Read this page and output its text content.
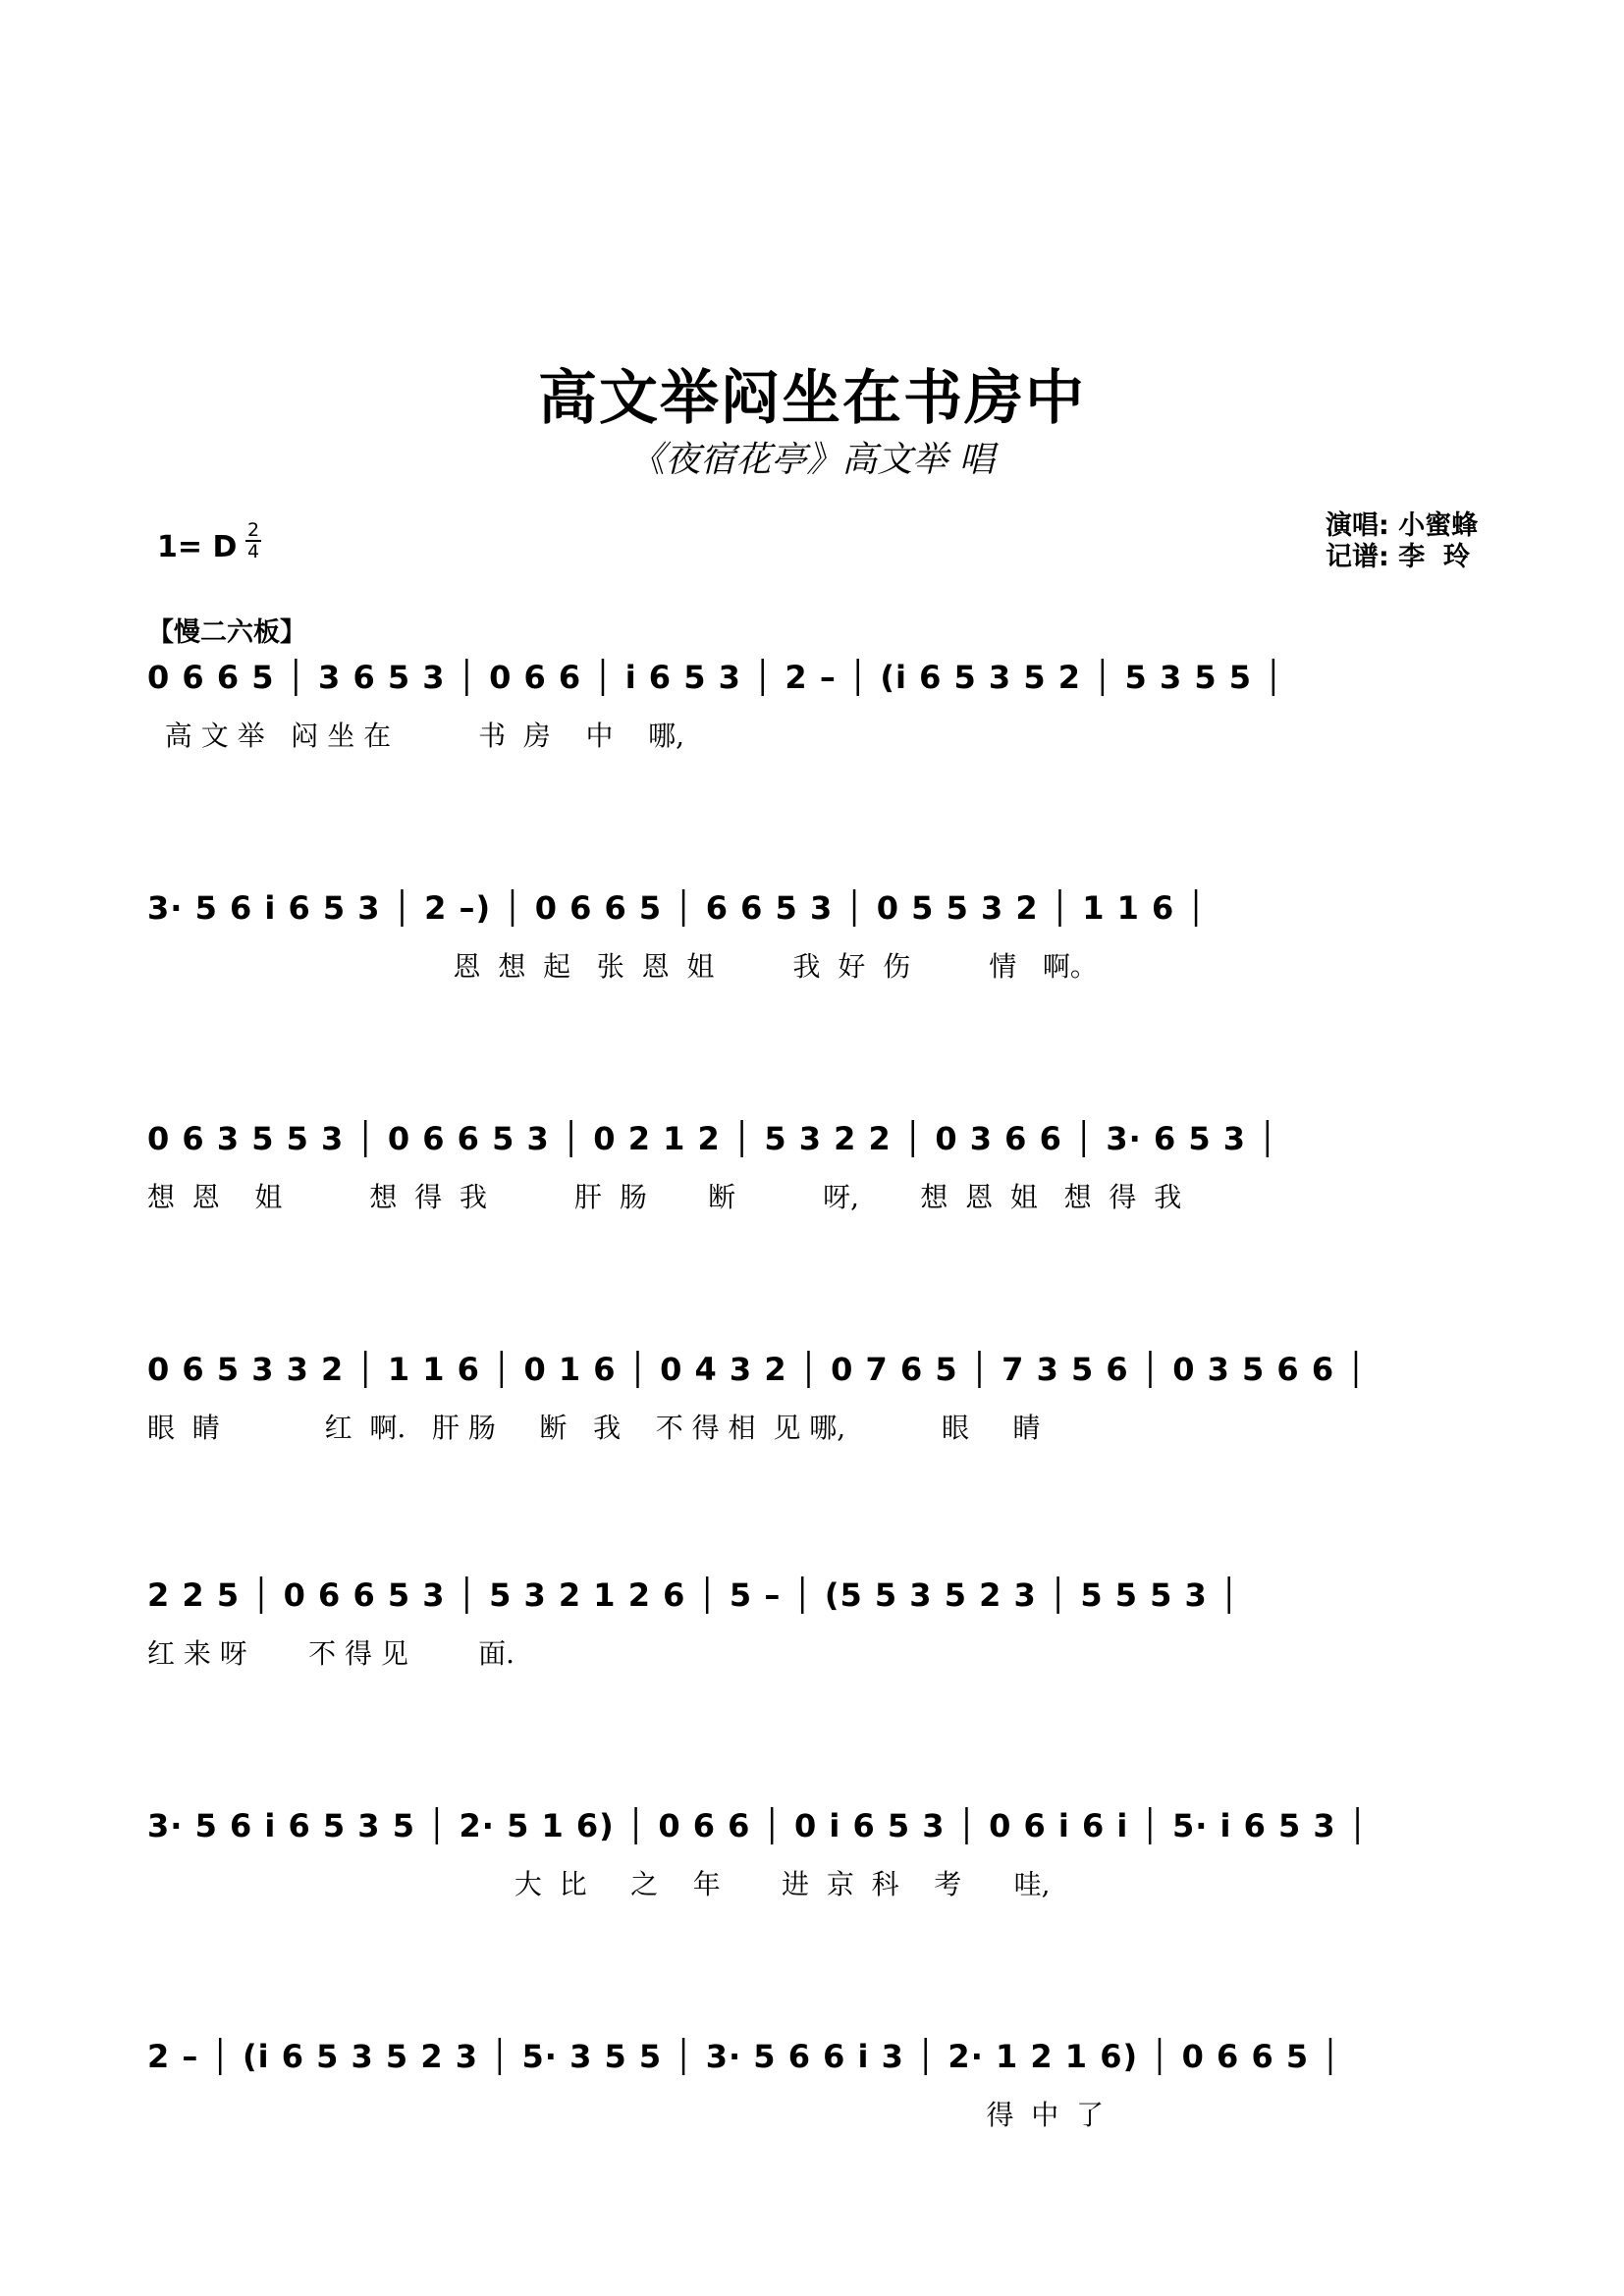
高文举闷坐在书房中
《夜宿花亭》高文举 唱
1= D 2
4
演唱: 小蜜蜂
记谱: 李  玲
【慢二六板】
0 6 6 5 │ 3 6 5 3 │ 0 6 6 │ i 6 5 3 │ 2 – │ (i 6 5 3 5 2 │ 5 3 5 5 │
高 文 举   闷 坐 在          书  房    中    哪,
3· 5 6 i 6 5 3 │ 2 –) │ 0 6 6 5 │ 6 6 5 3 │ 0 5 5 3 2 │ 1 1 6 │
恩  想  起   张  恩  姐         我  好  伤         情   啊。
0 6 3 5 5 3 │ 0 6 6 5 3 │ 0 2 1 2 │ 5 3 2 2 │ 0 3 6 6 │ 3· 6 5 3 │
想  恩    姐          想  得  我          肝  肠       断          呀,       想  恩  姐   想  得  我
0 6 5 3 3 2 │ 1 1 6 │ 0 1 6 │ 0 4 3 2 │ 0 7 6 5 │ 7 3 5 6 │ 0 3 5 6 6 │
眼  睛            红  啊.   肝 肠     断   我    不 得 相  见 哪,           眼     睛
2 2 5 │ 0 6 6 5 3 │ 5 3 2 1 2 6 │ 5 – │ (5 5 3 5 2 3 │ 5 5 5 3 │
红 来 呀       不 得 见        面.
3· 5 6 i 6 5 3 5 │ 2· 5 1 6) │ 0 6 6 │ 0 i 6 5 3 │ 0 6 i 6 i │ 5· i 6 5 3 │
大  比     之    年       进  京  科    考      哇,
2 – │ (i 6 5 3 5 2 3 │ 5· 3 5 5 │ 3· 5 6 6 i 3 │ 2· 1 2 1 6) │ 0 6 6 5 │
得  中  了
